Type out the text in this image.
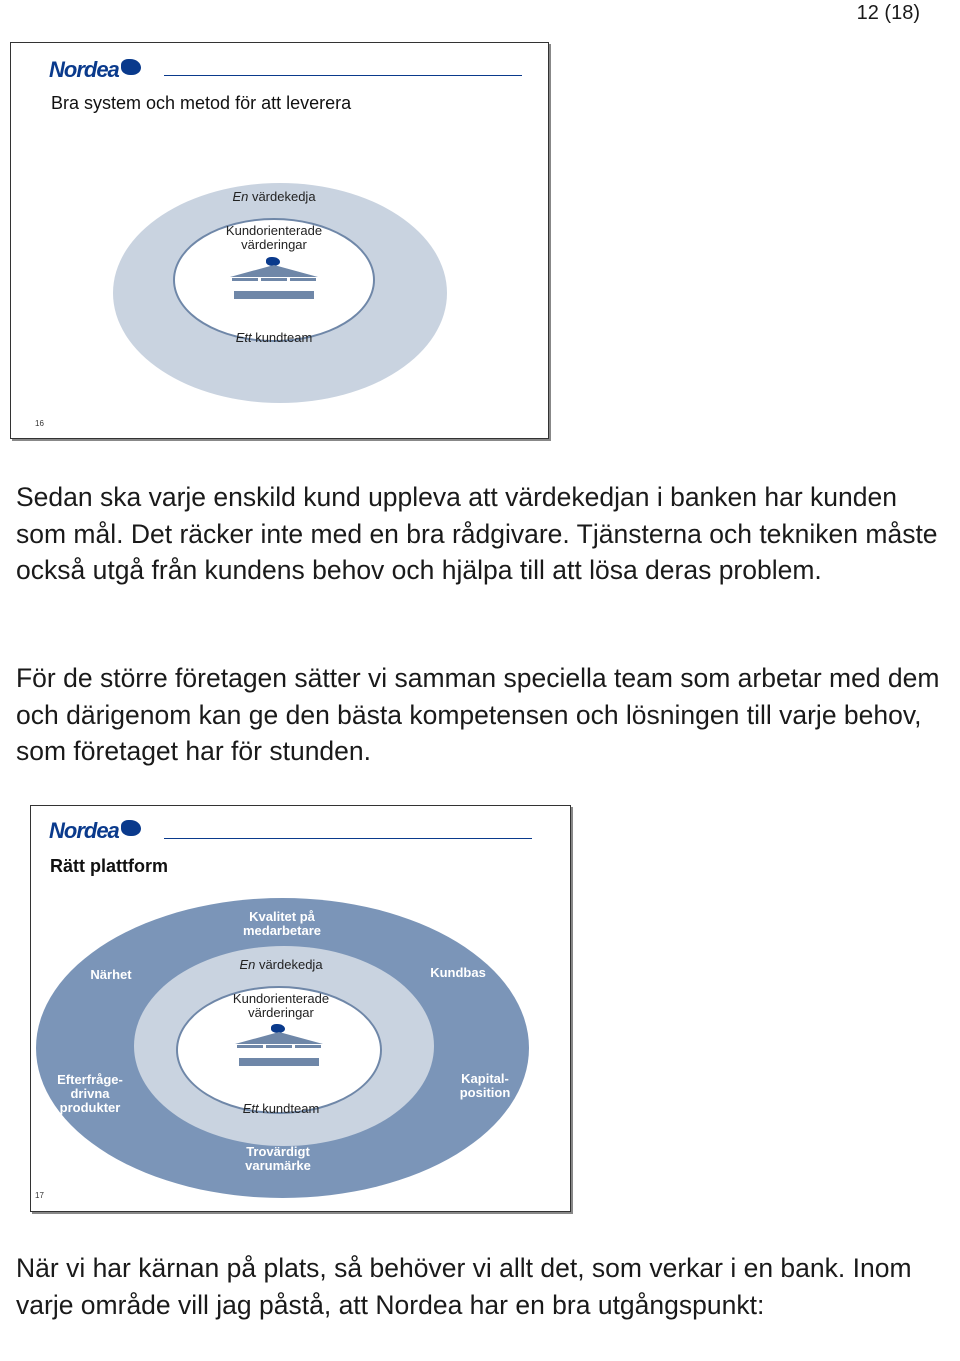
12 (18)
Nordea
Bra system och metod för att leverera
En värdekedja
Kundorienterade
värderingar
Ett kundteam
16
Sedan ska varje enskild kund uppleva att värdekedjan i banken har kunden som mål. Det räcker inte med en bra rådgivare. Tjänsterna och tekniken måste också utgå från kundens behov och hjälpa till att lösa deras problem.
För de större företagen sätter vi samman speciella team som arbetar med dem och därigenom kan ge den bästa kompetensen och lösningen till varje behov, som företaget har för stunden.
Nordea
Rätt plattform
Kvalitet på
medarbetare
Närhet	Kundbas
Efterfråge-
drivna
produkter
Kapital-
position
Trovärdigt
varumärke
En värdekedja
Kundorienterade
värderingar
Ett kundteam
17
När vi har kärnan på plats, så behöver vi allt det, som verkar i en bank. Inom varje område vill jag påstå, att Nordea har en bra utgångspunkt:
